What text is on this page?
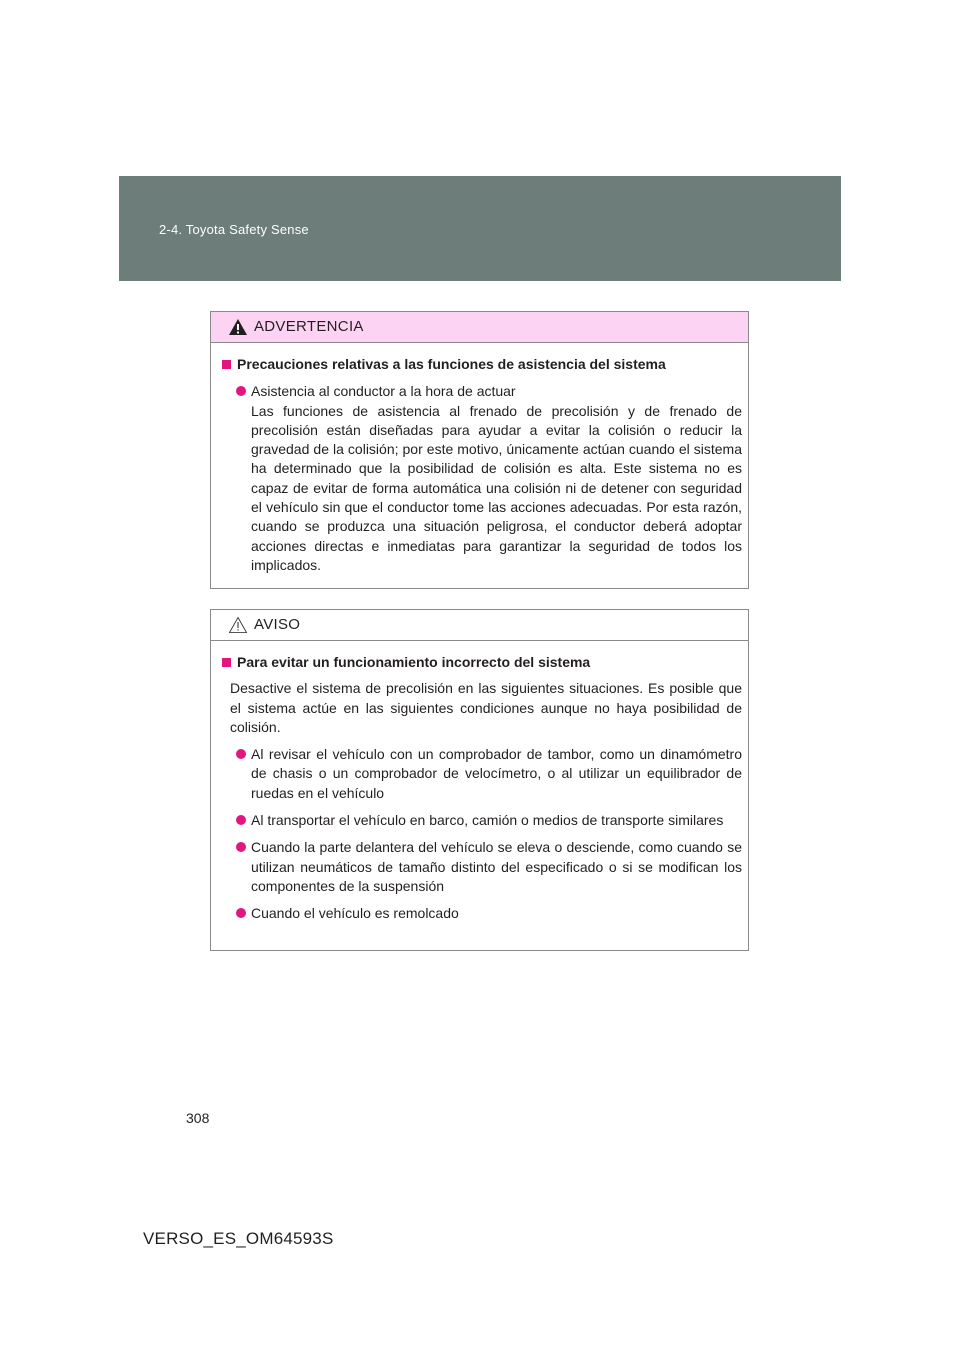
2-4. Toyota Safety Sense
ADVERTENCIA
Precauciones relativas a las funciones de asistencia del sistema
Asistencia al conductor a la hora de actuar
Las funciones de asistencia al frenado de precolisión y de frenado de precolisión están diseñadas para ayudar a evitar la colisión o reducir la gravedad de la colisión; por este motivo, únicamente actúan cuando el sistema ha determinado que la posibilidad de colisión es alta. Este sistema no es capaz de evitar de forma automática una colisión ni de detener con seguridad el vehículo sin que el conductor tome las acciones adecuadas. Por esta razón, cuando se produzca una situación peligrosa, el conductor deberá adoptar acciones directas e inmediatas para garantizar la seguridad de todos los implicados.
AVISO
Para evitar un funcionamiento incorrecto del sistema
Desactive el sistema de precolisión en las siguientes situaciones. Es posible que el sistema actúe en las siguientes condiciones aunque no haya posibilidad de colisión.
Al revisar el vehículo con un comprobador de tambor, como un dinamómetro de chasis o un comprobador de velocímetro, o al utilizar un equilibrador de ruedas en el vehículo
Al transportar el vehículo en barco, camión o medios de transporte similares
Cuando la parte delantera del vehículo se eleva o desciende, como cuando se utilizan neumáticos de tamaño distinto del especificado o si se modifican los componentes de la suspensión
Cuando el vehículo es remolcado
308
VERSO_ES_OM64593S
